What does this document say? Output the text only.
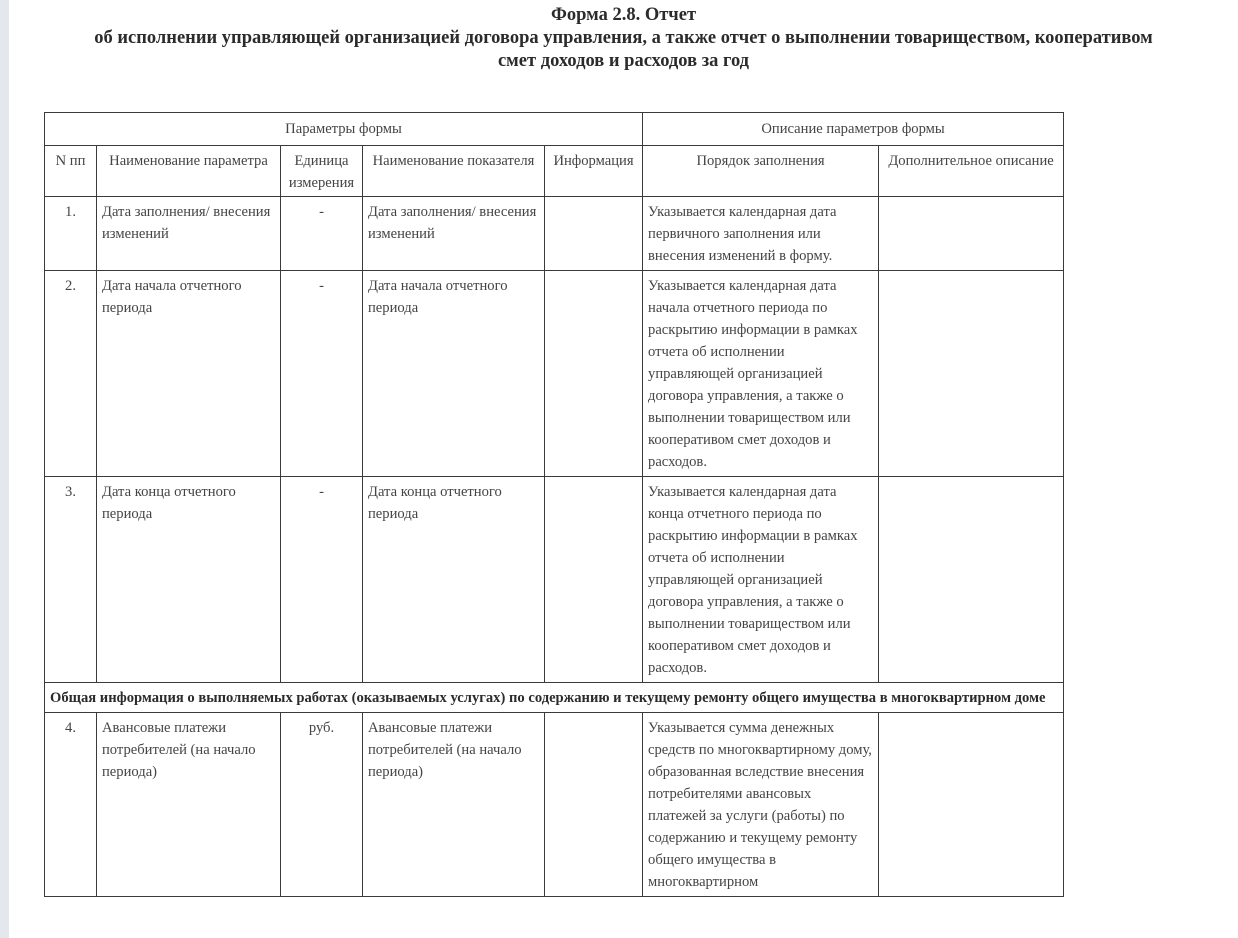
Форма 2.8. Отчет
об исполнении управляющей организацией договора управления, а также отчет о выполнении товариществом, кооперативом
смет доходов и расходов за год
Параметры формы					Описание параметров формы	
N пп	Наименование параметра	Единица измерения	Наименование показателя	Информация	Порядок заполнения	Дополнительное описание
1.	Дата заполнения/ внесения изменений	-	Дата заполнения/ внесения изменений		Указывается календарная дата первичного заполнения или внесения изменений в форму.	
2.	Дата начала отчетного периода	-	Дата начала отчетного периода		Указывается календарная дата начала отчетного периода по раскрытию информации в рамках отчета об исполнении управляющей организацией договора управления, а также о выполнении товариществом или кооперативом смет доходов и расходов.	
3.	Дата конца отчетного периода	-	Дата конца отчетного периода		Указывается календарная дата конца отчетного периода по раскрытию информации в рамках отчета об исполнении управляющей организацией договора управления, а также о выполнении товариществом или кооперативом смет доходов и расходов.	
Общая информация о выполняемых работах (оказываемых услугах) по содержанию и текущему ремонту общего имущества в многоквартирном доме						
4.	Авансовые платежи потребителей (на начало периода)	руб.	Авансовые платежи потребителей (на начало периода)		Указывается сумма денежных средств по многоквартирному дому, образованная вследствие внесения потребителями авансовых платежей за услуги (работы) по содержанию и текущему ремонту общего имущества в многоквартирном	
